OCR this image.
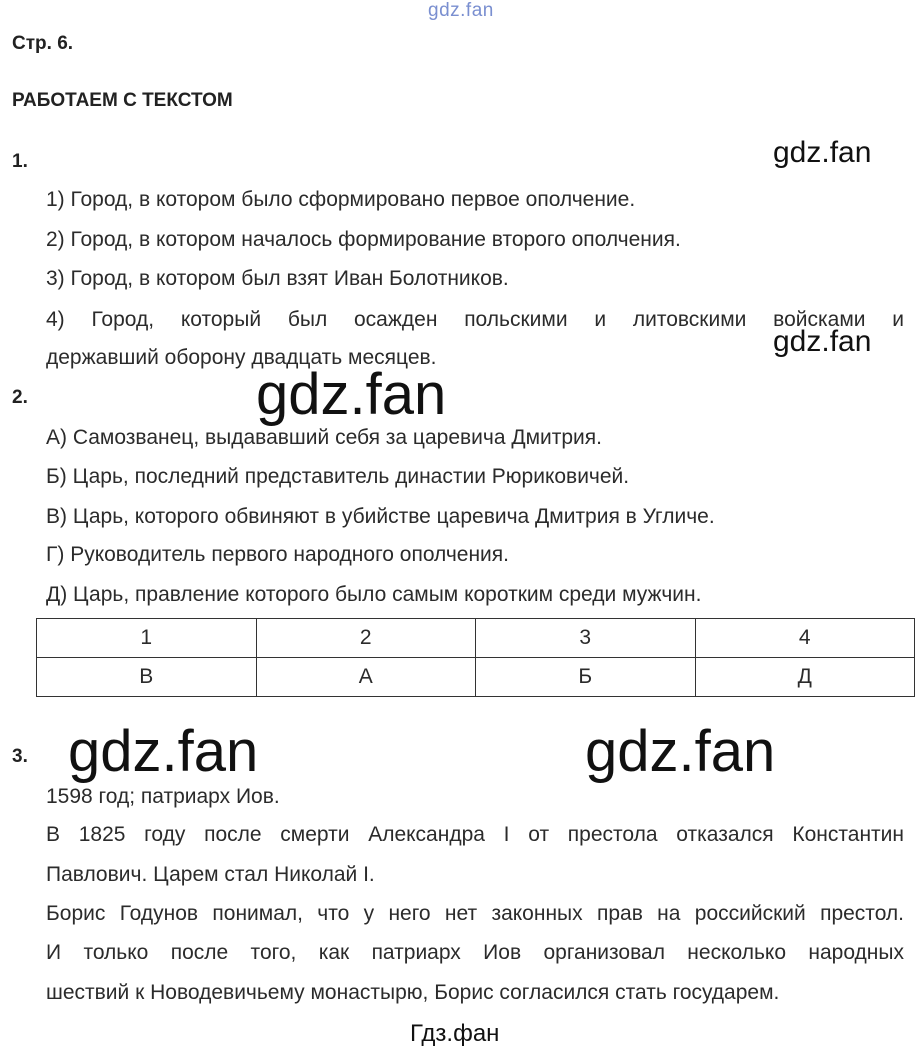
gdz.fan
Стр. 6.
РАБОТАЕМ С ТЕКСТОМ
1.
1) Город, в котором было сформировано первое ополчение.
2) Город, в котором началось формирование второго ополчения.
3) Город, в котором был взят Иван Болотников.
4) Город, который был осажден польскими и литовскими войсками и
державший оборону двадцать месяцев.
2.
А) Самозванец, выдававший себя за царевича Дмитрия.
Б) Царь, последний представитель династии Рюриковичей.
В) Царь, которого обвиняют в убийстве царевича Дмитрия в Угличе.
Г) Руководитель первого народного ополчения.
Д) Царь, правление которого было самым коротким среди мужчин.
1	2	3	4
В	А	Б	Д
3.
1598 год; патриарх Иов.
В 1825 году после смерти Александра I от престола отказался Константин
Павлович. Царем стал Николай I.
Борис Годунов понимал, что у него нет законных прав на российский престол.
И только после того, как патриарх Иов организовал несколько народных
шествий к Новодевичьему монастырю, Борис согласился стать государем.
gdz.fan
gdz.fan
gdz.fan
gdz.fan	gdz.fan
Гдз.фан
